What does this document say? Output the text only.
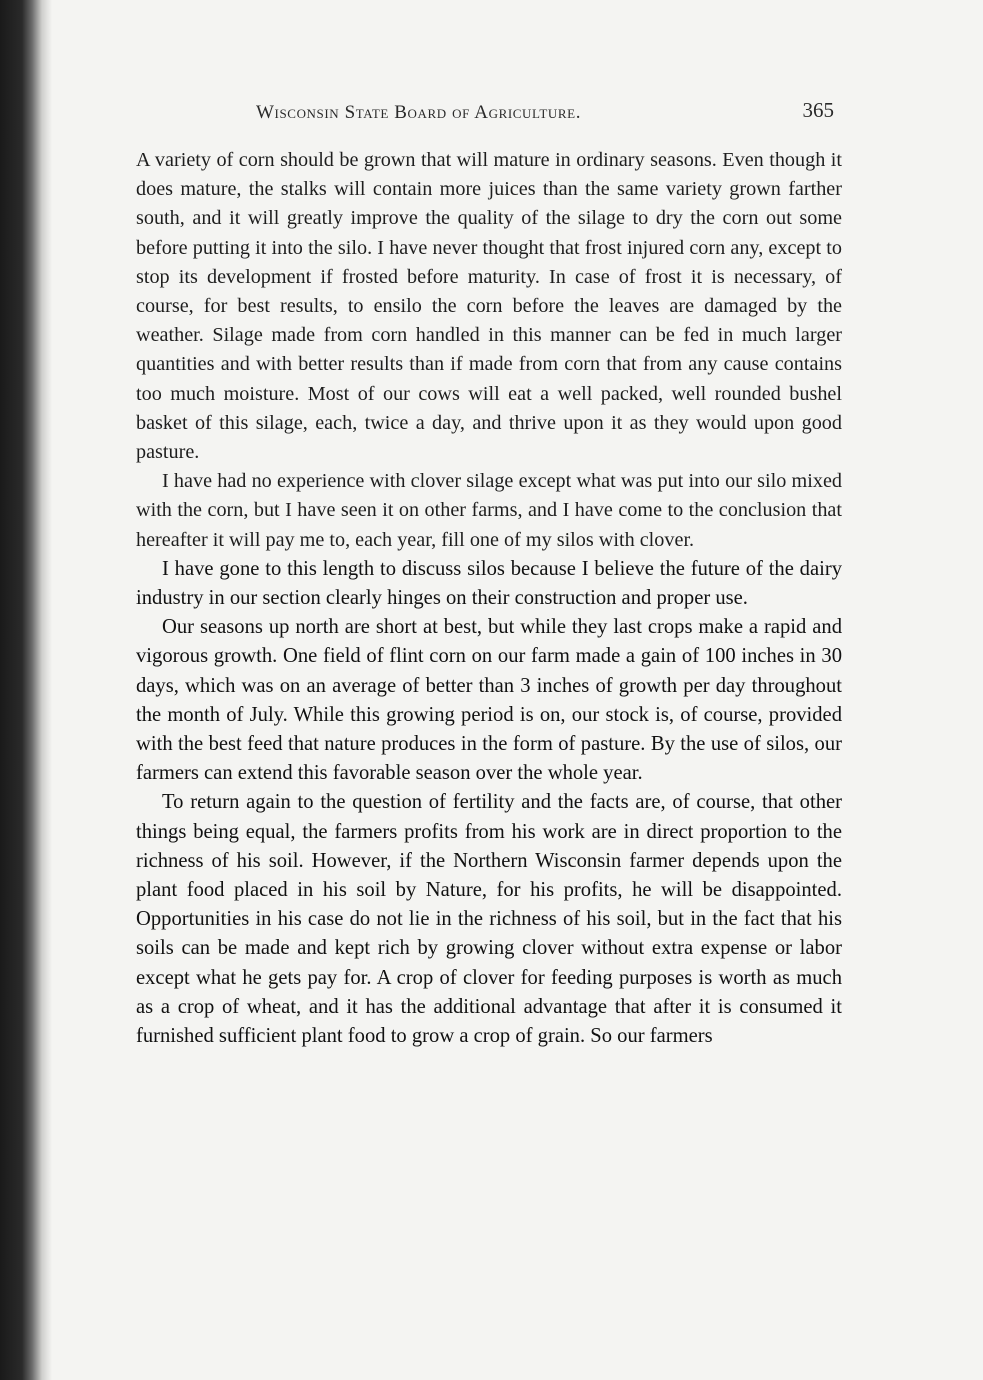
Wisconsin State Board of Agriculture.	365

A variety of corn should be grown that will mature in ordinary seasons. Even though it does mature, the stalks will contain more juices than the same variety grown farther south, and it will greatly improve the quality of the silage to dry the corn out some before putting it into the silo. I have never thought that frost injured corn any, except to stop its development if frosted before maturity. In case of frost it is necessary, of course, for best results, to ensilo the corn before the leaves are damaged by the weather. Silage made from corn handled in this manner can be fed in much larger quantities and with better results than if made from corn that from any cause contains too much moisture. Most of our cows will eat a well packed, well rounded bushel basket of this silage, each, twice a day, and thrive upon it as they would upon good pasture.

I have had no experience with clover silage except what was put into our silo mixed with the corn, but I have seen it on other farms, and I have come to the conclusion that hereafter it will pay me to, each year, fill one of my silos with clover.

I have gone to this length to discuss silos because I believe the future of the dairy industry in our section clearly hinges on their construction and proper use.

Our seasons up north are short at best, but while they last crops make a rapid and vigorous growth. One field of flint corn on our farm made a gain of 100 inches in 30 days, which was on an average of better than 3 inches of growth per day throughout the month of July. While this growing period is on, our stock is, of course, provided with the best feed that nature produces in the form of pasture. By the use of silos, our farmers can extend this favorable season over the whole year.

To return again to the question of fertility and the facts are, of course, that other things being equal, the farmers profits from his work are in direct proportion to the richness of his soil. However, if the Northern Wisconsin farmer depends upon the plant food placed in his soil by Nature, for his profits, he will be disappointed. Opportunities in his case do not lie in the richness of his soil, but in the fact that his soils can be made and kept rich by growing clover without extra expense or labor except what he gets pay for. A crop of clover for feeding purposes is worth as much as a crop of wheat, and it has the additional advantage that after it is consumed it furnished sufficient plant food to grow a crop of grain. So our farmers
